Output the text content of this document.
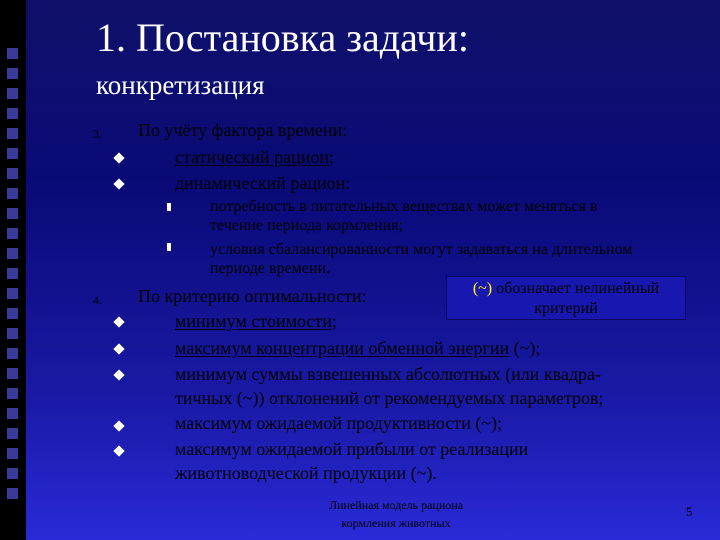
1. Постановка задачи:
конкретизация
3. По учёту фактора времени:
статический рацион;
динамический рацион:
потребность в питательных веществах может меняться в
течение периода кормления;
условия сбалансированности могут задаваться на длительном
периоде времени.
(~) обозначает нелинейный
критерий
4. По критерию оптимальности:
минимум стоимости;
максимум концентрации обменной энергии (~);
минимум суммы взвешенных абсолютных (или квадра-
тичных (~)) отклонений от рекомендуемых параметров;
максимум ожидаемой продуктивности (~);
максимум ожидаемой прибыли от реализации
животноводческой продукции (~).
Линейная модель рациона
кормления животных
5
